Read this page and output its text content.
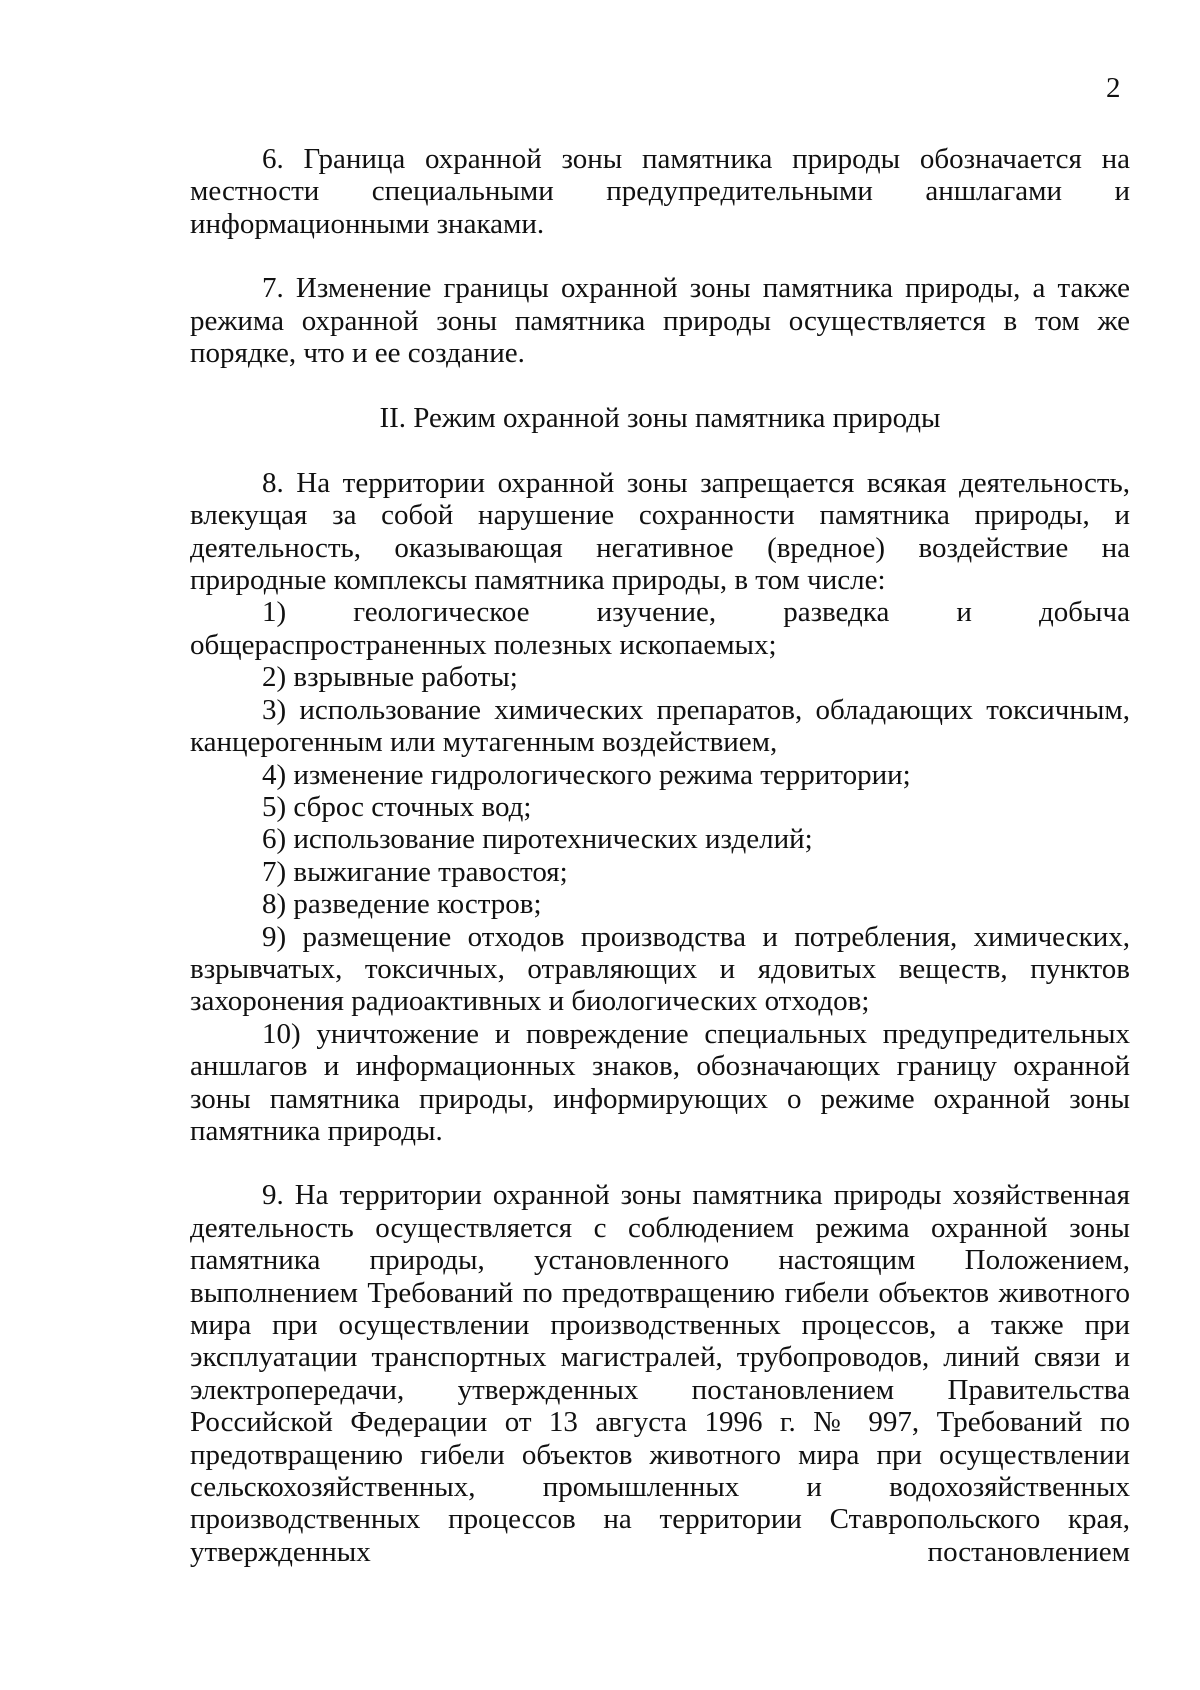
2

6. Граница охранной зоны памятника природы обозначается на местности специальными предупредительными аншлагами и информационными знаками.

7. Изменение границы охранной зоны памятника природы, а также режима охранной зоны памятника природы осуществляется в том же порядке, что и ее создание.

II. Режим охранной зоны памятника природы

8. На территории охранной зоны запрещается всякая деятельность, влекущая за собой нарушение сохранности памятника природы, и деятельность, оказывающая негативное (вредное) воздействие на природные комплексы памятника природы, в том числе:

1) геологическое изучение, разведка и добыча общераспространенных полезных ископаемых;

2) взрывные работы;

3) использование химических препаратов, обладающих токсичным, канцерогенным или мутагенным воздействием,

4) изменение гидрологического режима территории;

5) сброс сточных вод;

6) использование пиротехнических изделий;

7) выжигание травостоя;

8) разведение костров;

9) размещение отходов производства и потребления, химических, взрывчатых, токсичных, отравляющих и ядовитых веществ, пунктов захоронения радиоактивных и биологических отходов;

10) уничтожение и повреждение специальных предупредительных аншлагов и информационных знаков, обозначающих границу охранной зоны памятника природы, информирующих о режиме охранной зоны памятника природы.

9. На территории охранной зоны памятника природы хозяйственная деятельность осуществляется с соблюдением режима охранной зоны памятника природы, установленного настоящим Положением, выполнением Требований по предотвращению гибели объектов животного мира при осуществлении производственных процессов, а также при эксплуатации транспортных магистралей, трубопроводов, линий связи и электропередачи, утвержденных постановлением Правительства Российской Федерации от 13 августа 1996 г. № 997, Требований по предотвращению гибели объектов животного мира при осуществлении сельскохозяйственных, промышленных и водохозяйственных производственных процессов на территории Ставропольского края, утвержденных постановлением
